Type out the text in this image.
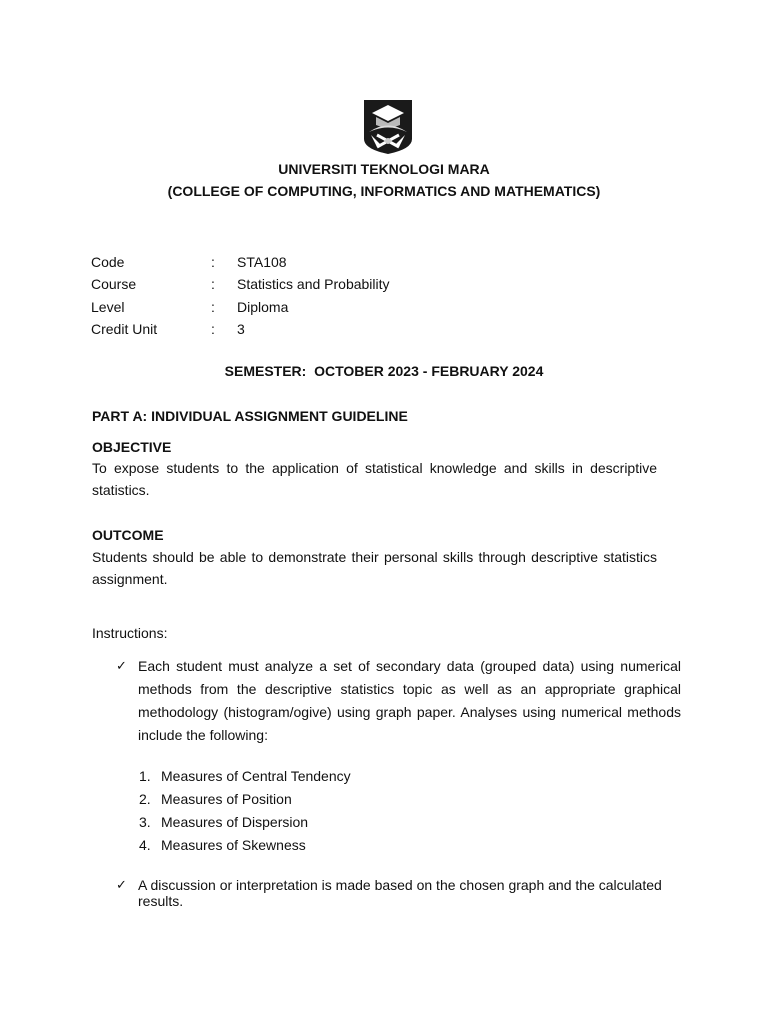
UNIVERSITI TEKNOLOGI MARA
(COLLEGE OF COMPUTING, INFORMATICS AND MATHEMATICS)
Code	: STA108
Course	: Statistics and Probability
Level	: Diploma
Credit Unit	: 3
SEMESTER:  OCTOBER 2023 - FEBRUARY 2024
PART A: INDIVIDUAL ASSIGNMENT GUIDELINE
OBJECTIVE
To expose students to the application of statistical knowledge and skills in descriptive statistics.
OUTCOME
Students should be able to demonstrate their personal skills through descriptive statistics assignment.
Instructions:
✓ Each student must analyze a set of secondary data (grouped data) using numerical methods from the descriptive statistics topic as well as an appropriate graphical methodology (histogram/ogive) using graph paper. Analyses using numerical methods include the following:
1. Measures of Central Tendency
2. Measures of Position
3. Measures of Dispersion
4. Measures of Skewness
✓ A discussion or interpretation is made based on the chosen graph and the calculated results.
